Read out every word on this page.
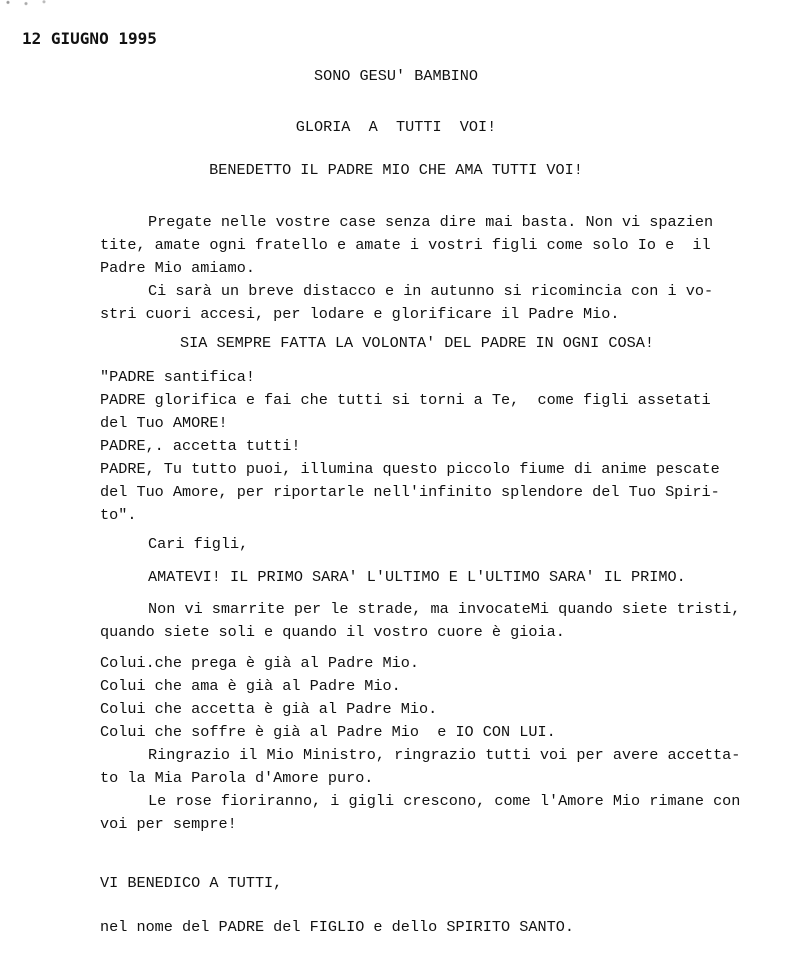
12 GIUGNO 1995
SONO GESU' BAMBINO
GLORIA  A  TUTTI  VOI!
BENEDETTO IL PADRE MIO CHE AMA TUTTI VOI!
Pregate nelle vostre case senza dire mai basta. Non vi spazien
tite, amate ogni fratello e amate i vostri figli come solo Io e  il
Padre Mio amiamo.
Ci sarà un breve distacco e in autunno si ricomincia con i vo-
stri cuori accesi, per lodare e glorificare il Padre Mio.
SIA SEMPRE FATTA LA VOLONTA' DEL PADRE IN OGNI COSA!
"PADRE santifica!
PADRE glorifica e fai che tutti si torni a Te,  come figli assetati
del Tuo AMORE!
PADRE,. accetta tutti!
PADRE, Tu tutto puoi, illumina questo piccolo fiume di anime pescate
del Tuo Amore, per riportarle nell'infinito splendore del Tuo Spiri-
to".
Cari figli,
AMATEVI! IL PRIMO SARA' L'ULTIMO E L'ULTIMO SARA' IL PRIMO.
Non vi smarrite per le strade, ma invocateMi quando siete tristi,
quando siete soli e quando il vostro cuore è gioia.
Colui.che prega è già al Padre Mio.
Colui che ama è già al Padre Mio.
Colui che accetta è già al Padre Mio.
Colui che soffre è già al Padre Mio  e IO CON LUI.
Ringrazio il Mio Ministro, ringrazio tutti voi per avere accetta-
to la Mia Parola d'Amore puro.
Le rose fioriranno, i gigli crescono, come l'Amore Mio rimane con
voi per sempre!
VI BENEDICO A TUTTI,
nel nome del PADRE del FIGLIO e dello SPIRITO SANTO.
